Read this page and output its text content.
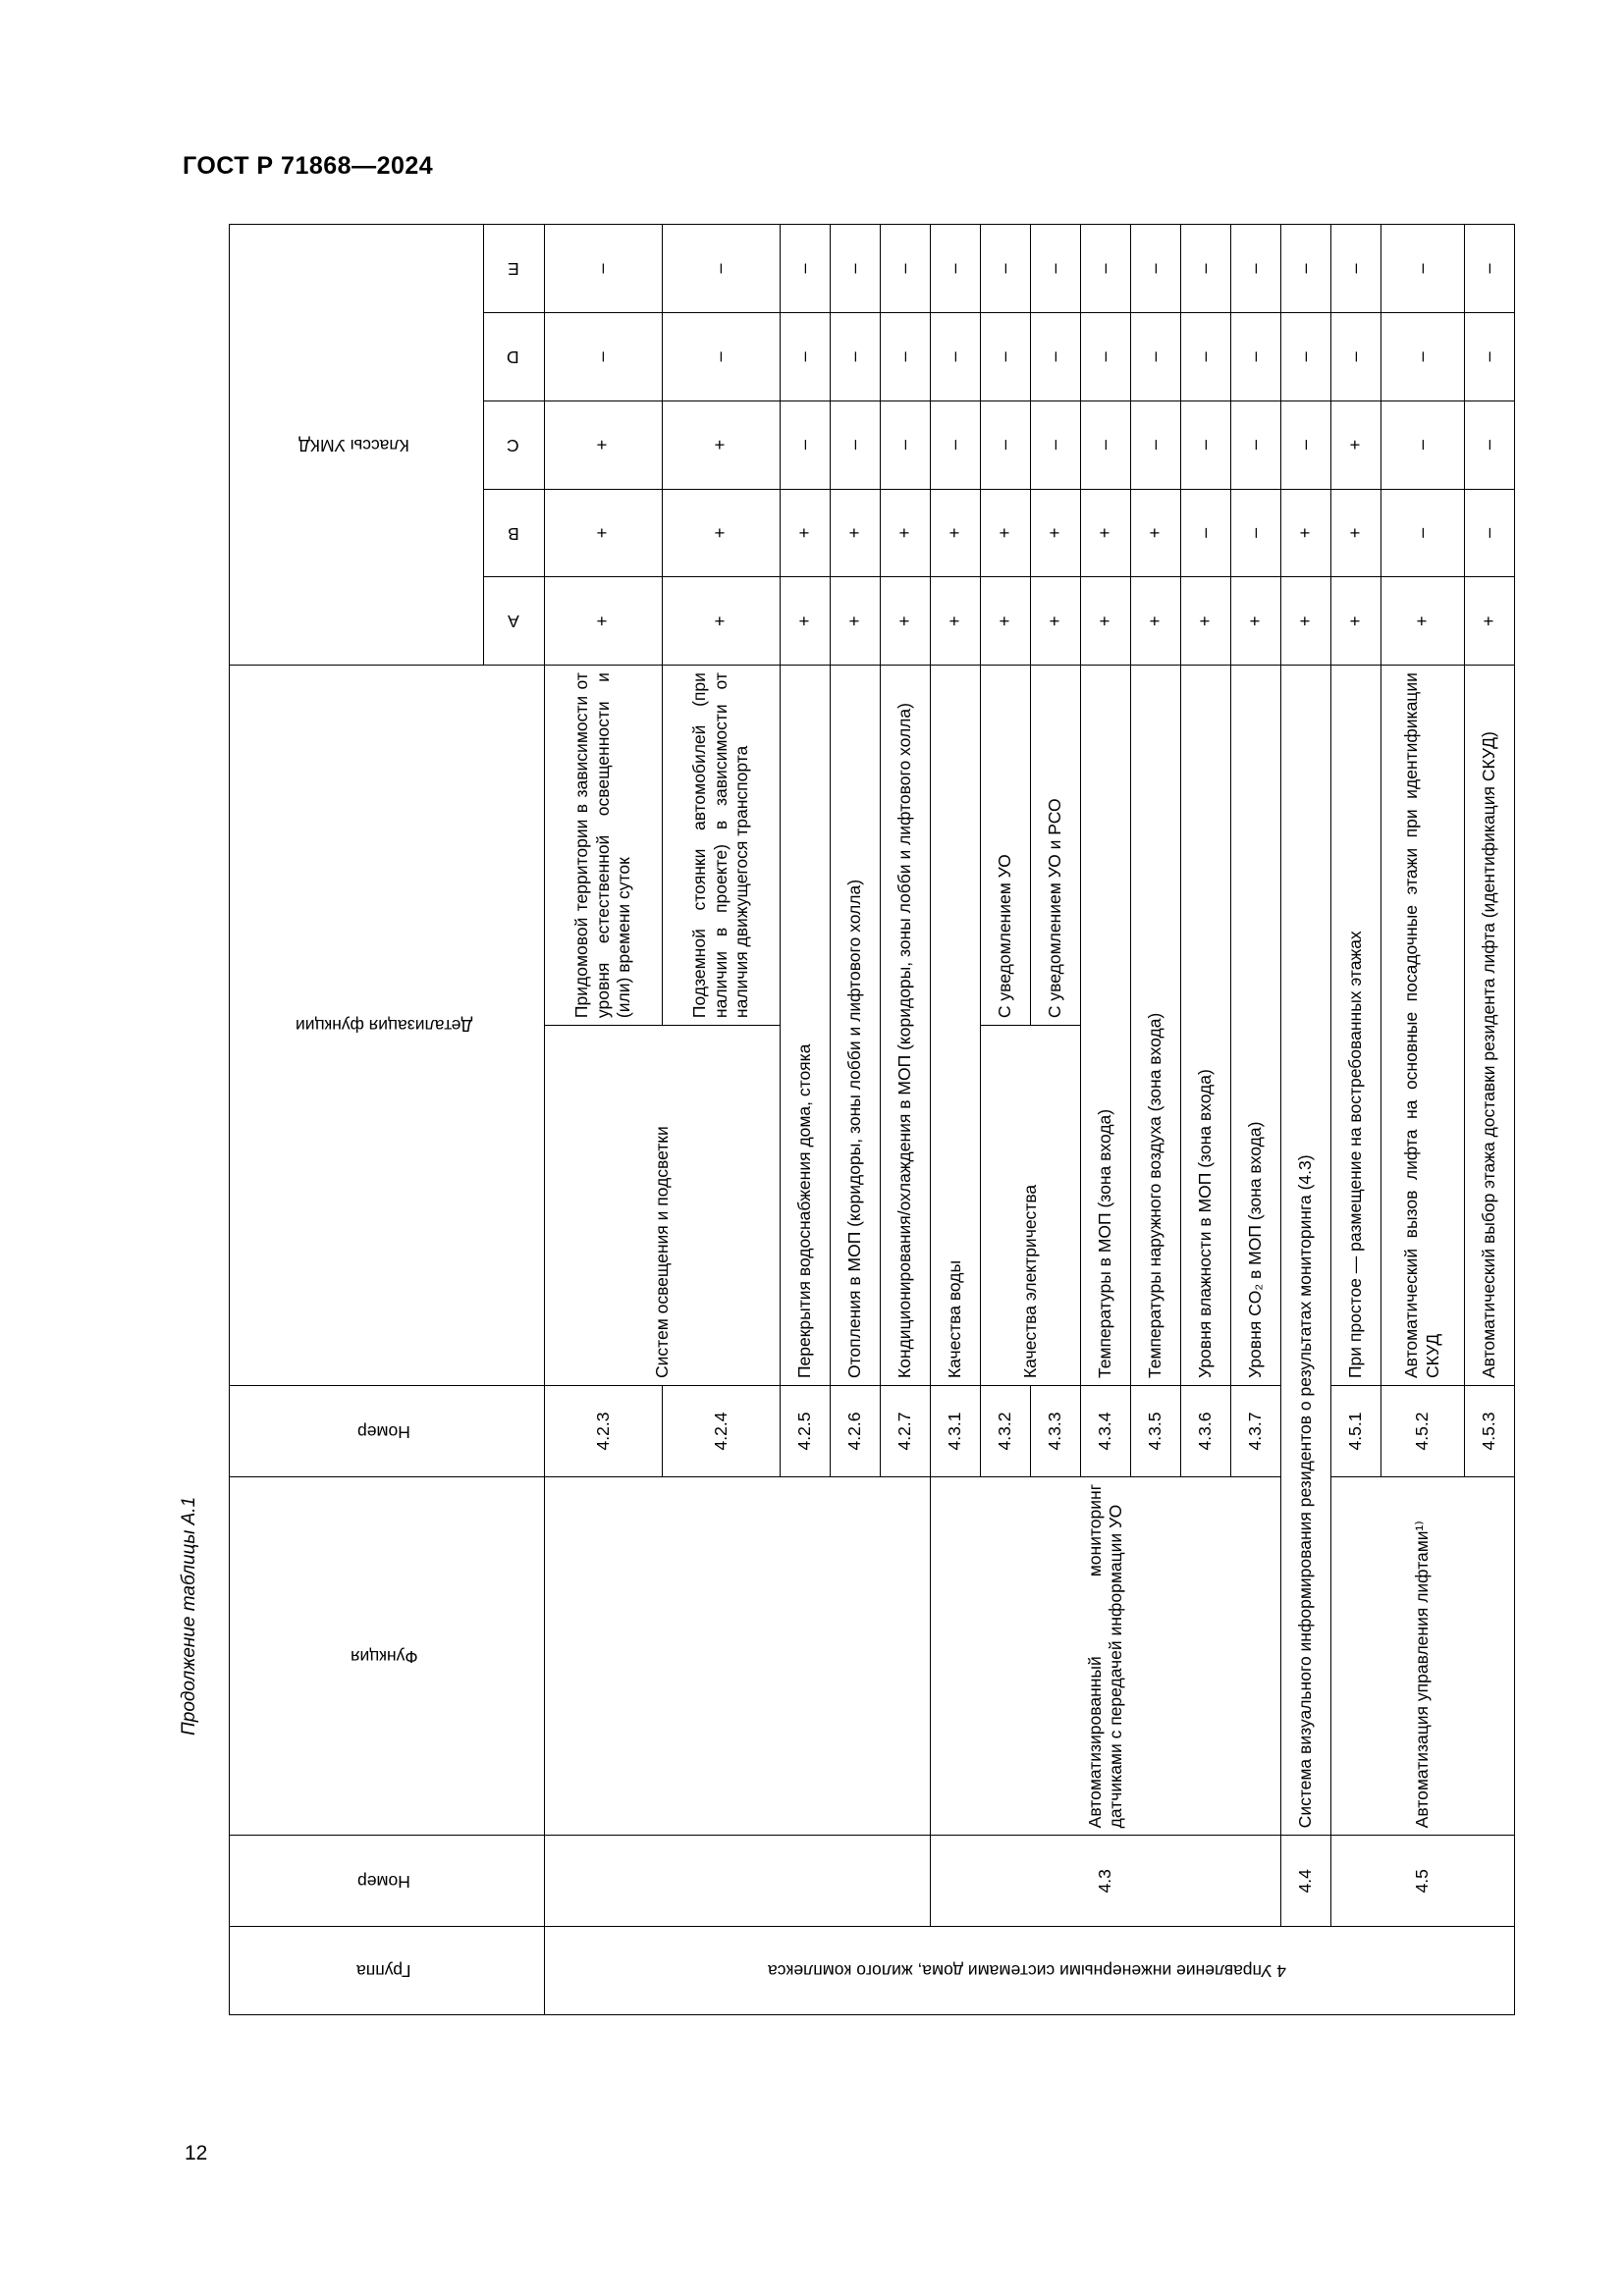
ГОСТ Р 71868—2024
Продолжение таблицы А.1
Группа	Номер	Функция	Номер	Детализация функции		Классы УМКД				
						A	B	C	D	E
4 Управление инженерными системами дома, жилого комплекса			4.2.3	Систем освещения и подсветки	Придомовой территории в зависимости от уровня естественной освещенности и (или) времени суток	+	+	+	–	–
			4.2.4		Подземной стоянки автомобилей (при наличии в проекте) в зависимости от наличия движущегося транспорта	+	+	+	–	–
			4.2.5	Перекрытия водоснабжения дома, стояка		+	+	–	–	–
			4.2.6	Отопления в МОП (коридоры, зоны лобби и лифтового холла)		+	+	–	–	–
			4.2.7	Кондиционирования/охлаждения в МОП (коридоры, зоны лобби и лифтового холла)		+	+	–	–	–
	4.3	Автоматизированный мониторинг датчиками с передачей информации УО	4.3.1	Качества воды		+	+	–	–	–
			4.3.2	Качества электричества	С уведомлением УО	+	+	–	–	–
			4.3.3		С уведомлением УО и РСО	+	+	–	–	–
			4.3.4	Температуры в МОП (зона входа)		+	+	–	–	–
			4.3.5	Температуры наружного воздуха (зона входа)		+	+	–	–	–
			4.3.6	Уровня влажности в МОП (зона входа)		+	–	–	–	–
			4.3.7	Уровня CO₂ в МОП (зона входа)		+	–	–	–	–
	4.4	Система визуального информирования резидентов о результатах мониторинга (4.3)				+	+	–	–	–
	4.5	Автоматизация управления лифтами¹⁾	4.5.1	При простое — размещение на востребованных этажах		+	+	+	–	–
			4.5.2	Автоматический вызов лифта на основные посадочные этажи при идентификации СКУД		+	–	–	–	–
			4.5.3	Автоматический выбор этажа доставки резидента лифта (идентификация СКУД)		+	–	–	–	–
12
